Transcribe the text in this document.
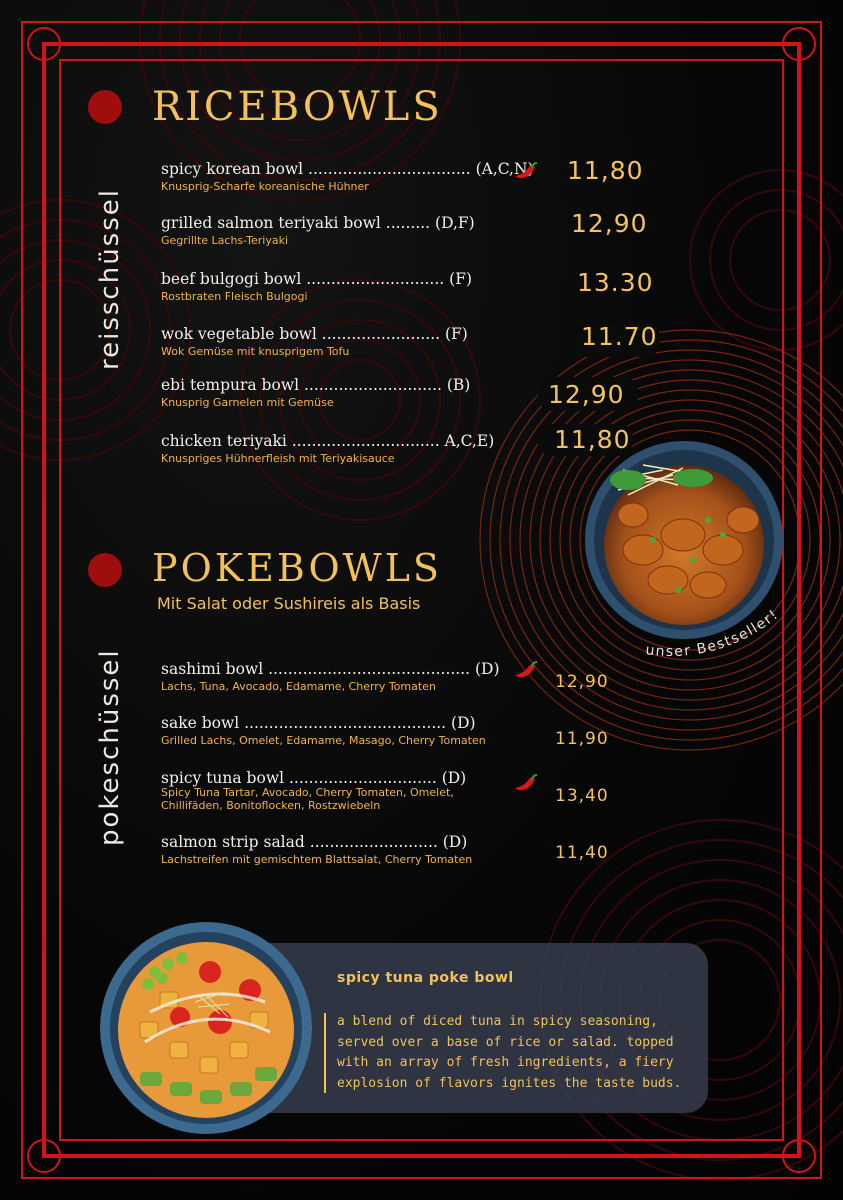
RICEBOWLS
reisschüssel
spicy korean bowl ................................. (A,C,N)
Knusprig-Scharfe koreanische Hühner
grilled salmon teriyaki bowl ......... (D,F)
Gegrillte Lachs-Teriyaki
beef bulgogi bowl ............................ (F)
Rostbraten Fleisch Bulgogi
wok vegetable bowl ........................ (F)
Wok Gemüse mit knusprigem Tofu
ebi tempura bowl ............................ (B)
Knusprig Garnelen mit Gemüse
chicken teriyaki .............................. A,C,E)
Knuspriges Hühnerfleish mit Teriyakisauce
11,80
12,90
13.30
11.70
12,90
11,80
unser Bestseller!
POKEBOWLS
Mit Salat oder Sushireis als Basis
pokeschüssel sashimi bowl ......................................... (D)
Lachs, Tuna, Avocado, Edamame, Cherry Tomaten
sake bowl ......................................... (D)
Grilled Lachs, Omelet, Edamame, Masago, Cherry Tomaten
spicy tuna bowl .............................. (D)
Spicy Tuna Tartar, Avocado, Cherry Tomaten, Omelet,
Chillifäden, Bonitoflocken, Rostzwiebeln
salmon strip salad .......................... (D)
Lachstreifen mit gemischtem Blattsalat, Cherry Tomaten
12,90
11,90
13,40
11,40
spicy tuna poke bowl
a blend of diced tuna in spicy seasoning,
served over a base of rice or salad. topped
with an array of fresh ingredients, a fiery
explosion of flavors ignites the taste buds.
